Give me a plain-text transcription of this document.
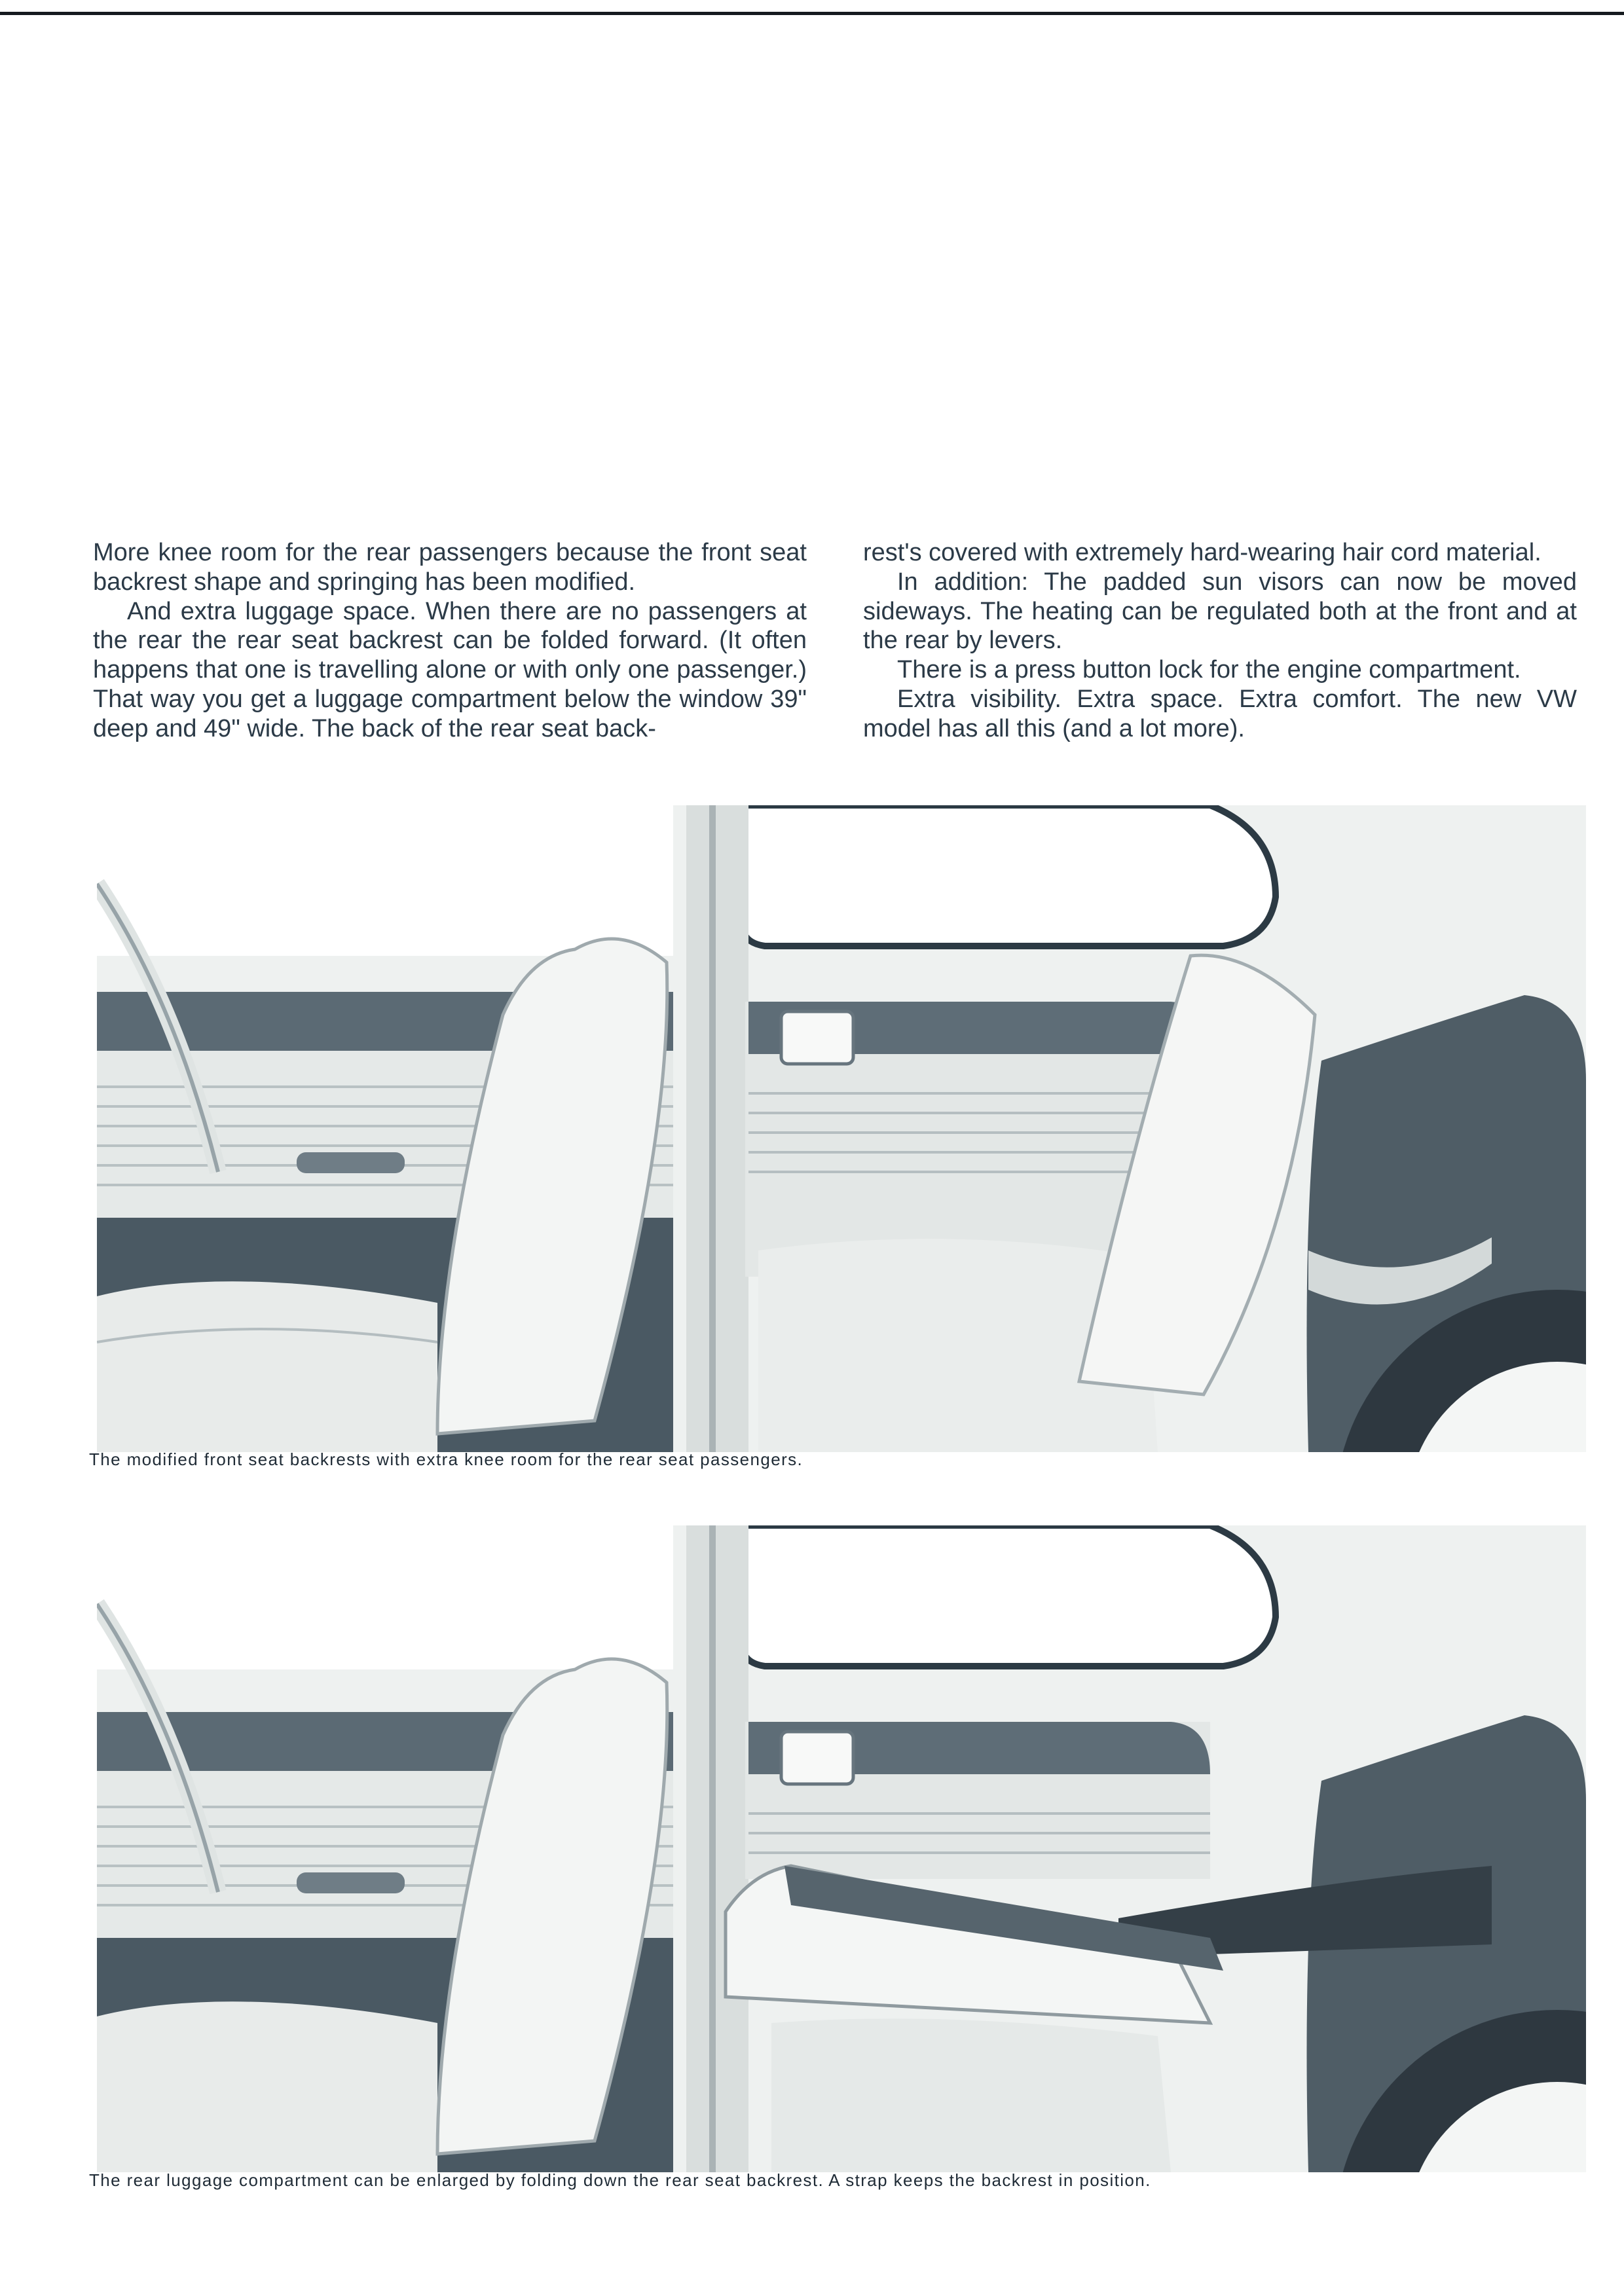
More knee room for the rear passengers because the front seat backrest shape and springing has been modified.

And extra luggage space. When there are no passengers at the rear the rear seat backrest can be folded forward. (It often happens that one is travelling alone or with only one passenger.) That way you get a luggage compartment below the window 39" deep and 49" wide. The back of the rear seat back-

rest's covered with extremely hard-wearing hair cord material.

In addition: The padded sun visors can now be moved sideways. The heating can be regulated both at the front and at the rear by levers.

There is a press button lock for the engine compartment.

Extra visibility. Extra space. Extra comfort. The new VW model has all this (and a lot more).

The modified front seat backrests with extra knee room for the rear seat passengers.
The rear luggage compartment can be enlarged by folding down the rear seat backrest. A strap keeps the backrest in position.
